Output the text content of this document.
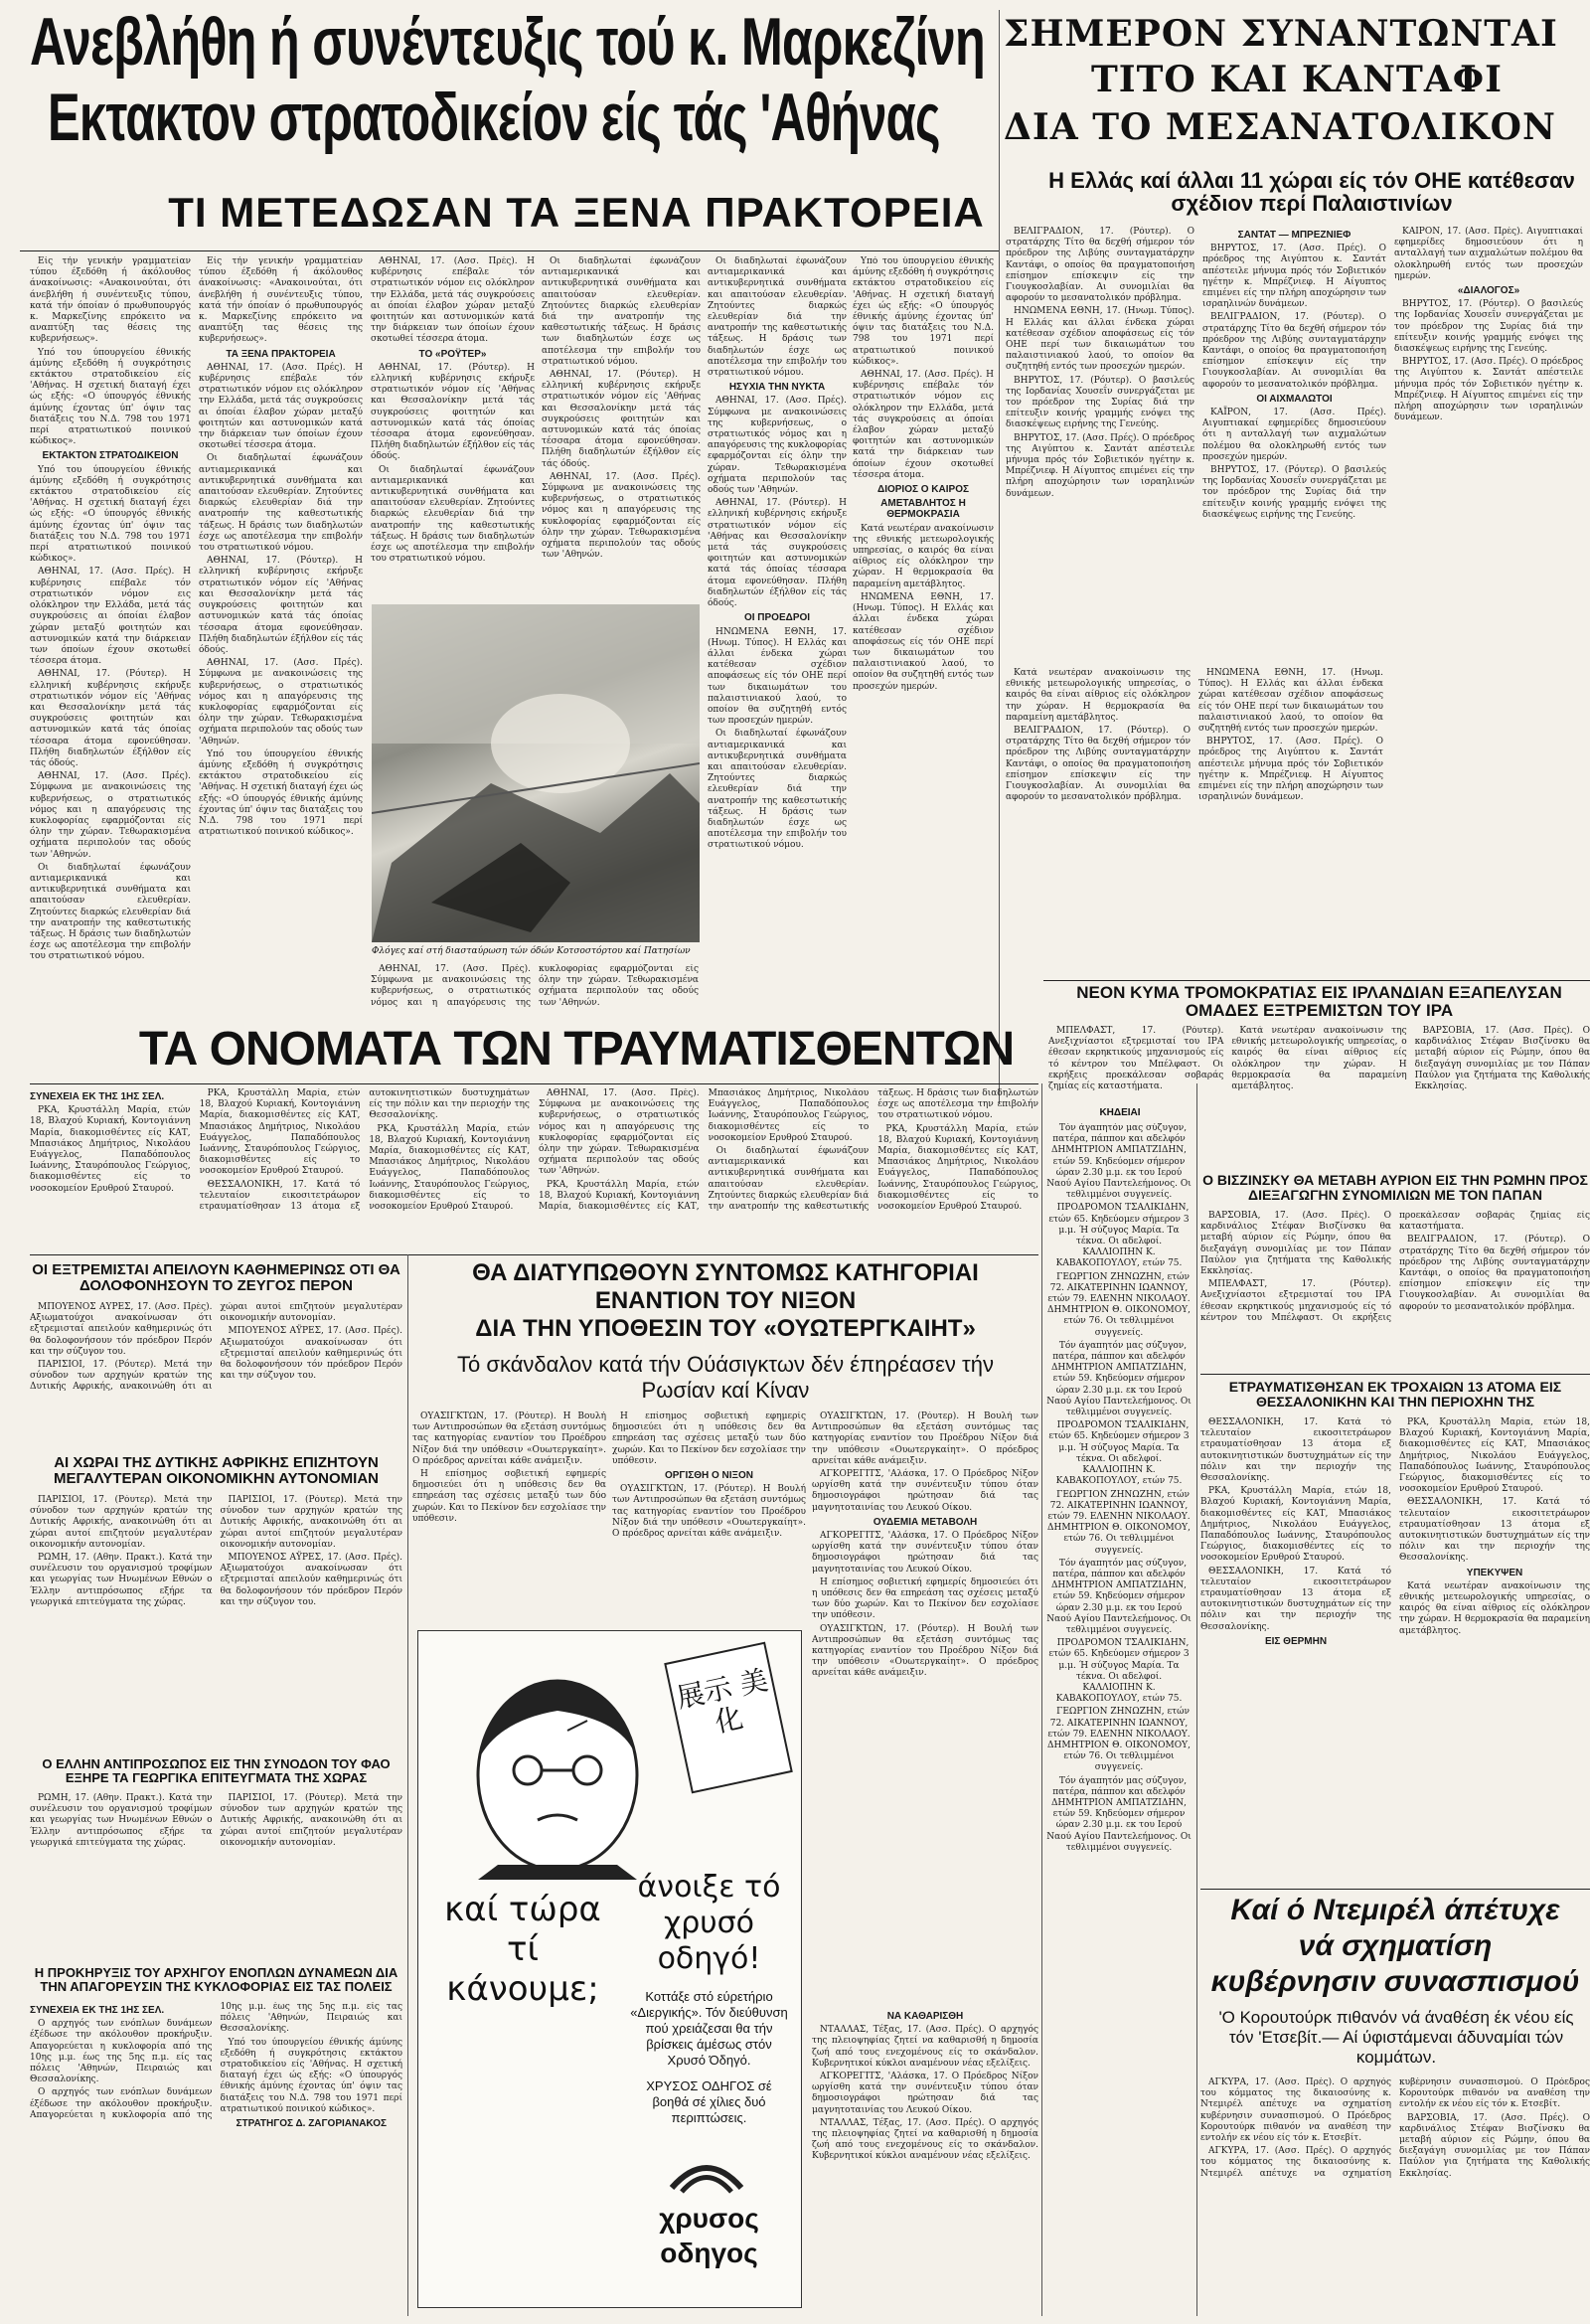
Ανεβλήθη ή συνέντευξις τού κ. Μαρκεζίνη
Εκτακτον στρατοδικείον είς τάς 'Αθήνας
ΤΙ ΜΕΤΕΔΩΣΑΝ ΤΑ ΞΕΝΑ ΠΡΑΚΤΟΡΕΙΑ
ΣΗΜΕΡΟΝ ΣΥΝΑΝΤΩΝΤΑΙ
ΤΙΤΟ ΚΑΙ ΚΑΝΤΑΦΙ
ΔΙΑ ΤΟ ΜΕΣΑΝΑΤΟΛΙΚΟΝ
Η Ελλάς καί άλλαι 11 χώραι είς τόν ΟΗΕ κατέθεσαν σχέδιον περί Παλαιστινίων

Είς τήν γενικήν γραμματείαν τύπου έξεδόθη ή άκόλουθος άνακοίνωσις: «Ανακοινούται, ότι άνεβλήθη ή συνέντευξις τύπου, κατά τήν όποίαν ό πρωθυπουργός κ. Μαρκεζίνης επρόκειτο να αναπτύξη τας θέσεις της κυβερνήσεως».

Υπό του ύπουργείου έθνικής άμύνης εξεδόθη ή συγκρότησις εκτάκτου στρατοδικείου είς 'Αθήνας. Η σχετική διαταγή έχει ώς εξής: «Ο ύπουργός έθνικής άμύνης έχοντας ύπ' όψιν τας διατάξεις του Ν.Δ. 798 του 1971 περί ατρατιωτικού ποινικού κώδικος».

ΕΚΤΑΚΤΟΝ ΣΤΡΑΤΟΔΙΚΕΙΟΝ

Υπό του ύπουργείου έθνικής άμύνης εξεδόθη ή συγκρότησις εκτάκτου στρατοδικείου είς 'Αθήνας. Η σχετική διαταγή έχει ώς εξής: «Ο ύπουργός έθνικής άμύνης έχοντας ύπ' όψιν τας διατάξεις του Ν.Δ. 798 του 1971 περί ατρατιωτικού ποινικού κώδικος».

ΑΘΗΝΑΙ, 17. (Ασσ. Πρές). Η κυβέρνησις επέβαλε τόν στρατιωτικόν νόμον εις ολόκληρον την Ελλάδα, μετά τάς συγκρούσεις αι όποίαι έλαβον χώραν μεταξύ φοιτητών και αστυνομικών κατά την διάρκειαν των όποίων έχουν σκοτωθεί τέσσερα άτομα.

ΑΘΗΝΑΙ, 17. (Ρόυτερ). Η ελληνική κυβέρνησις εκήρυξε στρατιωτικόν νόμον είς 'Αθήνας και Θεσσαλονίκην μετά τάς συγκρούσεις φοιτητών και αστυνομικών κατά τάς όποίας τέσσαρα άτομα εφονεύθησαν. Πλήθη διαδηλωτών έξήλθον είς τάς όδούς.

ΑΘΗΝΑΙ, 17. (Ασσ. Πρές). Σύμφωνα με ανακοινώσεις της κυβερνήσεως, ο στρατιωτικός νόμος και η απαγόρευσις της κυκλοφορίας εφαρμόζονται είς όλην την χώραν. Τεθωρακισμένα οχήματα περιπολούν τας οδούς των 'Αθηνών.

Οι διαδηλωταί έφωνάζουν αντιαμερικανικά και αντικυβερνητικά συνθήματα και απαιτούσαν ελευθερίαν. Ζητούντες διαρκώς ελευθερίαν διά την ανατροπήν της καθεστωτικής τάξεως. Η δράσις των διαδηλωτών έσχε ως αποτέλεσμα την επιβολήν του στρατιωτικού νόμου.

Είς τήν γενικήν γραμματείαν τύπου έξεδόθη ή άκόλουθος άνακοίνωσις: «Ανακοινούται, ότι άνεβλήθη ή συνέντευξις τύπου, κατά τήν όποίαν ό πρωθυπουργός κ. Μαρκεζίνης επρόκειτο να αναπτύξη τας θέσεις της κυβερνήσεως».

ΤΑ ΞΕΝΑ ΠΡΑΚΤΟΡΕΙΑ

ΑΘΗΝΑΙ, 17. (Ασσ. Πρές). Η κυβέρνησις επέβαλε τόν στρατιωτικόν νόμον εις ολόκληρον την Ελλάδα, μετά τάς συγκρούσεις αι όποίαι έλαβον χώραν μεταξύ φοιτητών και αστυνομικών κατά την διάρκειαν των όποίων έχουν σκοτωθεί τέσσερα άτομα.

Οι διαδηλωταί έφωνάζουν αντιαμερικανικά και αντικυβερνητικά συνθήματα και απαιτούσαν ελευθερίαν. Ζητούντες διαρκώς ελευθερίαν διά την ανατροπήν της καθεστωτικής τάξεως. Η δράσις των διαδηλωτών έσχε ως αποτέλεσμα την επιβολήν του στρατιωτικού νόμου.

ΑΘΗΝΑΙ, 17. (Ρόυτερ). Η ελληνική κυβέρνησις εκήρυξε στρατιωτικόν νόμον είς 'Αθήνας και Θεσσαλονίκην μετά τάς συγκρούσεις φοιτητών και αστυνομικών κατά τάς όποίας τέσσαρα άτομα εφονεύθησαν. Πλήθη διαδηλωτών έξήλθον είς τάς όδούς.

ΑΘΗΝΑΙ, 17. (Ασσ. Πρές). Σύμφωνα με ανακοινώσεις της κυβερνήσεως, ο στρατιωτικός νόμος και η απαγόρευσις της κυκλοφορίας εφαρμόζονται είς όλην την χώραν. Τεθωρακισμένα οχήματα περιπολούν τας οδούς των 'Αθηνών.

Υπό του ύπουργείου έθνικής άμύνης εξεδόθη ή συγκρότησις εκτάκτου στρατοδικείου είς 'Αθήνας. Η σχετική διαταγή έχει ώς εξής: «Ο ύπουργός έθνικής άμύνης έχοντας ύπ' όψιν τας διατάξεις του Ν.Δ. 798 του 1971 περί ατρατιωτικού ποινικού κώδικος».

ΑΘΗΝΑΙ, 17. (Ασσ. Πρές). Η κυβέρνησις επέβαλε τόν στρατιωτικόν νόμον εις ολόκληρον την Ελλάδα, μετά τάς συγκρούσεις αι όποίαι έλαβον χώραν μεταξύ φοιτητών και αστυνομικών κατά την διάρκειαν των όποίων έχουν σκοτωθεί τέσσερα άτομα.

ΤΟ «ΡΟΫΤΕΡ»

ΑΘΗΝΑΙ, 17. (Ρόυτερ). Η ελληνική κυβέρνησις εκήρυξε στρατιωτικόν νόμον είς 'Αθήνας και Θεσσαλονίκην μετά τάς συγκρούσεις φοιτητών και αστυνομικών κατά τάς όποίας τέσσαρα άτομα εφονεύθησαν. Πλήθη διαδηλωτών έξήλθον είς τάς όδούς.

Οι διαδηλωταί έφωνάζουν αντιαμερικανικά και αντικυβερνητικά συνθήματα και απαιτούσαν ελευθερίαν. Ζητούντες διαρκώς ελευθερίαν διά την ανατροπήν της καθεστωτικής τάξεως. Η δράσις των διαδηλωτών έσχε ως αποτέλεσμα την επιβολήν του στρατιωτικού νόμου.

Οι διαδηλωταί έφωνάζουν αντιαμερικανικά και αντικυβερνητικά συνθήματα και απαιτούσαν ελευθερίαν. Ζητούντες διαρκώς ελευθερίαν διά την ανατροπήν της καθεστωτικής τάξεως. Η δράσις των διαδηλωτών έσχε ως αποτέλεσμα την επιβολήν του στρατιωτικού νόμου.

ΑΘΗΝΑΙ, 17. (Ρόυτερ). Η ελληνική κυβέρνησις εκήρυξε στρατιωτικόν νόμον είς 'Αθήνας και Θεσσαλονίκην μετά τάς συγκρούσεις φοιτητών και αστυνομικών κατά τάς όποίας τέσσαρα άτομα εφονεύθησαν. Πλήθη διαδηλωτών έξήλθον είς τάς όδούς.

ΑΘΗΝΑΙ, 17. (Ασσ. Πρές). Σύμφωνα με ανακοινώσεις της κυβερνήσεως, ο στρατιωτικός νόμος και η απαγόρευσις της κυκλοφορίας εφαρμόζονται είς όλην την χώραν. Τεθωρακισμένα οχήματα περιπολούν τας οδούς των 'Αθηνών.

Οι διαδηλωταί έφωνάζουν αντιαμερικανικά και αντικυβερνητικά συνθήματα και απαιτούσαν ελευθερίαν. Ζητούντες διαρκώς ελευθερίαν διά την ανατροπήν της καθεστωτικής τάξεως. Η δράσις των διαδηλωτών έσχε ως αποτέλεσμα την επιβολήν του στρατιωτικού νόμου.

ΗΣΥΧΙΑ ΤΗΝ ΝΥΚΤΑ

ΑΘΗΝΑΙ, 17. (Ασσ. Πρές). Σύμφωνα με ανακοινώσεις της κυβερνήσεως, ο στρατιωτικός νόμος και η απαγόρευσις της κυκλοφορίας εφαρμόζονται είς όλην την χώραν. Τεθωρακισμένα οχήματα περιπολούν τας οδούς των 'Αθηνών.

ΑΘΗΝΑΙ, 17. (Ρόυτερ). Η ελληνική κυβέρνησις εκήρυξε στρατιωτικόν νόμον είς 'Αθήνας και Θεσσαλονίκην μετά τάς συγκρούσεις φοιτητών και αστυνομικών κατά τάς όποίας τέσσαρα άτομα εφονεύθησαν. Πλήθη διαδηλωτών έξήλθον είς τάς όδούς.

ΟΙ ΠΡΟΕΔΡΟΙ

ΗΝΩΜΕΝΑ ΕΘΝΗ, 17. (Ηνωμ. Τύπος). Η Ελλάς και άλλαι ένδεκα χώραι κατέθεσαν σχέδιον αποφάσεως είς τόν ΟΗΕ περί των δικαιωμάτων του παλαιστινιακού λαού, το οποίον θα συζητηθή εντός των προσεχών ημερών.

Οι διαδηλωταί έφωνάζουν αντιαμερικανικά και αντικυβερνητικά συνθήματα και απαιτούσαν ελευθερίαν. Ζητούντες διαρκώς ελευθερίαν διά την ανατροπήν της καθεστωτικής τάξεως. Η δράσις των διαδηλωτών έσχε ως αποτέλεσμα την επιβολήν του στρατιωτικού νόμου.

Υπό του ύπουργείου έθνικής άμύνης εξεδόθη ή συγκρότησις εκτάκτου στρατοδικείου είς 'Αθήνας. Η σχετική διαταγή έχει ώς εξής: «Ο ύπουργός έθνικής άμύνης έχοντας ύπ' όψιν τας διατάξεις του Ν.Δ. 798 του 1971 περί ατρατιωτικού ποινικού κώδικος».

ΑΘΗΝΑΙ, 17. (Ασσ. Πρές). Η κυβέρνησις επέβαλε τόν στρατιωτικόν νόμον εις ολόκληρον την Ελλάδα, μετά τάς συγκρούσεις αι όποίαι έλαβον χώραν μεταξύ φοιτητών και αστυνομικών κατά την διάρκειαν των όποίων έχουν σκοτωθεί τέσσερα άτομα.

ΔΙΟΡΙΟΣ Ο ΚΑΙΡΟΣ
ΑΜΕΤΑΒΛΗΤΟΣ Η ΘΕΡΜΟΚΡΑΣΙΑ

Κατά νεωτέραν ανακοίνωσιν της εθνικής μετεωρολογικής υπηρεσίας, ο καιρός θα είναι αίθριος είς ολόκληρον την χώραν. Η θερμοκρασία θα παραμείνη αμετάβλητος.

ΗΝΩΜΕΝΑ ΕΘΝΗ, 17. (Ηνωμ. Τύπος). Η Ελλάς και άλλαι ένδεκα χώραι κατέθεσαν σχέδιον αποφάσεως είς τόν ΟΗΕ περί των δικαιωμάτων του παλαιστινιακού λαού, το οποίον θα συζητηθή εντός των προσεχών ημερών.

Φλόγες καί στή διασταύρωση τών όδών Κοτσοστόρτου καί Πατησίων

ΑΘΗΝΑΙ, 17. (Ασσ. Πρές). Σύμφωνα με ανακοινώσεις της κυβερνήσεως, ο στρατιωτικός νόμος και η απαγόρευσις της κυκλοφορίας εφαρμόζονται είς όλην την χώραν. Τεθωρακισμένα οχήματα περιπολούν τας οδούς των 'Αθηνών.

ΒΕΛΙΓΡΑΔΙΟΝ, 17. (Ρόυτερ). Ο στρατάρχης Τίτο θα δεχθή σήμερον τόν πρόεδρον της Λιβύης συνταγματάρχην Καντάφι, ο οποίος θα πραγματοποιήση επίσημον επίσκεψιν είς την Γιουγκοσλαβίαν. Αι συνομιλίαι θα αφορούν το μεσανατολικόν πρόβλημα.

ΗΝΩΜΕΝΑ ΕΘΝΗ, 17. (Ηνωμ. Τύπος). Η Ελλάς και άλλαι ένδεκα χώραι κατέθεσαν σχέδιον αποφάσεως είς τόν ΟΗΕ περί των δικαιωμάτων του παλαιστινιακού λαού, το οποίον θα συζητηθή εντός των προσεχών ημερών.

ΒΗΡΥΤΟΣ, 17. (Ρόυτερ). Ο βασιλεύς της Ιορδανίας Χουσεΐν συνεργάζεται με τον πρόεδρον της Συρίας διά την επίτευξιν κοινής γραμμής ενόψει της διασκέψεως ειρήνης της Γενεύης.

ΒΗΡΥΤΟΣ, 17. (Ασσ. Πρές). Ο πρόεδρος της Αιγύπτου κ. Σαντάτ απέστειλε μήνυμα πρός τόν Σοβιετικόν ηγέτην κ. Μπρέζνιεφ. Η Αίγυπτος επιμένει είς την πλήρη αποχώρησιν των ισραηλινών δυνάμεων.

ΣΑΝΤΑΤ — ΜΠΡΕΖΝΙΕΦ

ΒΗΡΥΤΟΣ, 17. (Ασσ. Πρές). Ο πρόεδρος της Αιγύπτου κ. Σαντάτ απέστειλε μήνυμα πρός τόν Σοβιετικόν ηγέτην κ. Μπρέζνιεφ. Η Αίγυπτος επιμένει είς την πλήρη αποχώρησιν των ισραηλινών δυνάμεων.

ΒΕΛΙΓΡΑΔΙΟΝ, 17. (Ρόυτερ). Ο στρατάρχης Τίτο θα δεχθή σήμερον τόν πρόεδρον της Λιβύης συνταγματάρχην Καντάφι, ο οποίος θα πραγματοποιήση επίσημον επίσκεψιν είς την Γιουγκοσλαβίαν. Αι συνομιλίαι θα αφορούν το μεσανατολικόν πρόβλημα.

ΟΙ ΑΙΧΜΑΛΩΤΟΙ

ΚΑΪΡΟΝ, 17. (Ασσ. Πρές). Αιγυπτιακαί εφημερίδες δημοσιεύουν ότι η ανταλλαγή των αιχμαλώτων πολέμου θα ολοκληρωθή εντός των προσεχών ημερών.

ΒΗΡΥΤΟΣ, 17. (Ρόυτερ). Ο βασιλεύς της Ιορδανίας Χουσεΐν συνεργάζεται με τον πρόεδρον της Συρίας διά την επίτευξιν κοινής γραμμής ενόψει της διασκέψεως ειρήνης της Γενεύης.

ΚΑΪΡΟΝ, 17. (Ασσ. Πρές). Αιγυπτιακαί εφημερίδες δημοσιεύουν ότι η ανταλλαγή των αιχμαλώτων πολέμου θα ολοκληρωθή εντός των προσεχών ημερών.

«ΔΙΑΛΟΓΟΣ»

ΒΗΡΥΤΟΣ, 17. (Ρόυτερ). Ο βασιλεύς της Ιορδανίας Χουσεΐν συνεργάζεται με τον πρόεδρον της Συρίας διά την επίτευξιν κοινής γραμμής ενόψει της διασκέψεως ειρήνης της Γενεύης.

ΒΗΡΥΤΟΣ, 17. (Ασσ. Πρές). Ο πρόεδρος της Αιγύπτου κ. Σαντάτ απέστειλε μήνυμα πρός τόν Σοβιετικόν ηγέτην κ. Μπρέζνιεφ. Η Αίγυπτος επιμένει είς την πλήρη αποχώρησιν των ισραηλινών δυνάμεων.

Κατά νεωτέραν ανακοίνωσιν της εθνικής μετεωρολογικής υπηρεσίας, ο καιρός θα είναι αίθριος είς ολόκληρον την χώραν. Η θερμοκρασία θα παραμείνη αμετάβλητος.

ΒΕΛΙΓΡΑΔΙΟΝ, 17. (Ρόυτερ). Ο στρατάρχης Τίτο θα δεχθή σήμερον τόν πρόεδρον της Λιβύης συνταγματάρχην Καντάφι, ο οποίος θα πραγματοποιήση επίσημον επίσκεψιν είς την Γιουγκοσλαβίαν. Αι συνομιλίαι θα αφορούν το μεσανατολικόν πρόβλημα.

ΗΝΩΜΕΝΑ ΕΘΝΗ, 17. (Ηνωμ. Τύπος). Η Ελλάς και άλλαι ένδεκα χώραι κατέθεσαν σχέδιον αποφάσεως είς τόν ΟΗΕ περί των δικαιωμάτων του παλαιστινιακού λαού, το οποίον θα συζητηθή εντός των προσεχών ημερών.

ΒΗΡΥΤΟΣ, 17. (Ασσ. Πρές). Ο πρόεδρος της Αιγύπτου κ. Σαντάτ απέστειλε μήνυμα πρός τόν Σοβιετικόν ηγέτην κ. Μπρέζνιεφ. Η Αίγυπτος επιμένει είς την πλήρη αποχώρησιν των ισραηλινών δυνάμεων.

ΝΕΟΝ ΚΥΜΑ ΤΡΟΜΟΚΡΑΤΙΑΣ ΕΙΣ ΙΡΛΑΝΔΙΑΝ ΕΞΑΠΕΛΥΣΑΝ ΟΜΑΔΕΣ ΕΞΤΡΕΜΙΣΤΩΝ ΤΟΥ ΙΡΑ

ΜΠΕΛΦΑΣΤ, 17. (Ρόυτερ). Ανεξιχνίαστοι εξτρεμισταί του ΙΡΑ έθεσαν εκρηκτικούς μηχανισμούς είς τό κέντρον του Μπέλφαστ. Οι εκρήξεις προεκάλεσαν σοβαράς ζημίας είς καταστήματα.

Κατά νεωτέραν ανακοίνωσιν της εθνικής μετεωρολογικής υπηρεσίας, ο καιρός θα είναι αίθριος είς ολόκληρον την χώραν. Η θερμοκρασία θα παραμείνη αμετάβλητος.

ΒΑΡΣΟΒΙΑ, 17. (Ασσ. Πρές). Ο καρδινάλιος Στέφαν Βισζίνσκυ θα μεταβή αύριον είς Ρώμην, όπου θα διεξαγάγη συνομιλίας με τον Πάπαν Παύλον για ζητήματα της Καθολικής Εκκλησίας.

ΤΑ ΟΝΟΜΑΤΑ ΤΩΝ ΤΡΑΥΜΑΤΙΣΘΕΝΤΩΝ
ΣΥΝΕΧΕΙΑ ΕΚ ΤΗΣ 1ΗΣ ΣΕΛ.

ΡΚΑ, Κρυστάλλη Μαρία, ετών 18, Βλαχού Κυριακή, Κοντογιάννη Μαρία, διακομισθέντες είς ΚΑΤ, Μπασιάκος Δημήτριος, Νικολάου Ευάγγελος, Παπαδόπουλος Ιωάννης, Σταυρόπουλος Γεώργιος, διακομισθέντες είς το νοσοκομείον Ερυθρού Σταυρού.

ΡΚΑ, Κρυστάλλη Μαρία, ετών 18, Βλαχού Κυριακή, Κοντογιάννη Μαρία, διακομισθέντες είς ΚΑΤ, Μπασιάκος Δημήτριος, Νικολάου Ευάγγελος, Παπαδόπουλος Ιωάννης, Σταυρόπουλος Γεώργιος, διακομισθέντες είς το νοσοκομείον Ερυθρού Σταυρού.

ΘΕΣΣΑΛΟΝΙΚΗ, 17. Κατά τό τελευταίον εικοσιτετράωρον ετραυματίσθησαν 13 άτομα εξ αυτοκινητιστικών δυστυχημάτων είς την πόλιν και την περιοχήν της Θεσσαλονίκης.

ΡΚΑ, Κρυστάλλη Μαρία, ετών 18, Βλαχού Κυριακή, Κοντογιάννη Μαρία, διακομισθέντες είς ΚΑΤ, Μπασιάκος Δημήτριος, Νικολάου Ευάγγελος, Παπαδόπουλος Ιωάννης, Σταυρόπουλος Γεώργιος, διακομισθέντες είς το νοσοκομείον Ερυθρού Σταυρού.

ΑΘΗΝΑΙ, 17. (Ασσ. Πρές). Σύμφωνα με ανακοινώσεις της κυβερνήσεως, ο στρατιωτικός νόμος και η απαγόρευσις της κυκλοφορίας εφαρμόζονται είς όλην την χώραν. Τεθωρακισμένα οχήματα περιπολούν τας οδούς των 'Αθηνών.

ΡΚΑ, Κρυστάλλη Μαρία, ετών 18, Βλαχού Κυριακή, Κοντογιάννη Μαρία, διακομισθέντες είς ΚΑΤ, Μπασιάκος Δημήτριος, Νικολάου Ευάγγελος, Παπαδόπουλος Ιωάννης, Σταυρόπουλος Γεώργιος, διακομισθέντες είς το νοσοκομείον Ερυθρού Σταυρού.

Οι διαδηλωταί έφωνάζουν αντιαμερικανικά και αντικυβερνητικά συνθήματα και απαιτούσαν ελευθερίαν. Ζητούντες διαρκώς ελευθερίαν διά την ανατροπήν της καθεστωτικής τάξεως. Η δράσις των διαδηλωτών έσχε ως αποτέλεσμα την επιβολήν του στρατιωτικού νόμου.

ΡΚΑ, Κρυστάλλη Μαρία, ετών 18, Βλαχού Κυριακή, Κοντογιάννη Μαρία, διακομισθέντες είς ΚΑΤ, Μπασιάκος Δημήτριος, Νικολάου Ευάγγελος, Παπαδόπουλος Ιωάννης, Σταυρόπουλος Γεώργιος, διακομισθέντες είς το νοσοκομείον Ερυθρού Σταυρού.

ΚΗΔΕΙΑΙ

Τόν άγαπητόν μας σύζυγον, πατέρα, πάππον και αδελφόν ΔΗΜΗΤΡΙΟΝ ΑΜΠΑΤΖΙΔΗΝ, ετών 59. Κηδεύομεν σήμερον ώραν 2.30 μ.μ. εκ του Ιερού Ναού Αγίου Παντελεήμονος. Οι τεθλιμμένοι συγγενείς.

ΠΡΟΔΡΟΜΟΝ ΤΣΑΛΙΚΙΔΗΝ, ετών 65. Κηδεύομεν σήμερον 3 μ.μ. Ή σύζυγος Μαρία. Τα τέκνα. Οι αδελφοί. ΚΑΛΛΙΟΠΗΝ Κ. ΚΑΒΑΚΟΠΟΥΛΟΥ, ετών 75.

ΓΕΩΡΓΙΟΝ ΖΗΝΩΖΗΝ, ετών 72. ΑΙΚΑΤΕΡΙΝΗΝ ΙΩΑΝΝΟΥ, ετών 79. ΕΛΕΝΗΝ ΝΙΚΟΛΑΟΥ. ΔΗΜΗΤΡΙΟΝ Θ. ΟΙΚΟΝΟΜΟΥ, ετών 76. Οι τεθλιμμένοι συγγενείς.

Τόν άγαπητόν μας σύζυγον, πατέρα, πάππον και αδελφόν ΔΗΜΗΤΡΙΟΝ ΑΜΠΑΤΖΙΔΗΝ, ετών 59. Κηδεύομεν σήμερον ώραν 2.30 μ.μ. εκ του Ιερού Ναού Αγίου Παντελεήμονος. Οι τεθλιμμένοι συγγενείς.

ΠΡΟΔΡΟΜΟΝ ΤΣΑΛΙΚΙΔΗΝ, ετών 65. Κηδεύομεν σήμερον 3 μ.μ. Ή σύζυγος Μαρία. Τα τέκνα. Οι αδελφοί. ΚΑΛΛΙΟΠΗΝ Κ. ΚΑΒΑΚΟΠΟΥΛΟΥ, ετών 75.

ΓΕΩΡΓΙΟΝ ΖΗΝΩΖΗΝ, ετών 72. ΑΙΚΑΤΕΡΙΝΗΝ ΙΩΑΝΝΟΥ, ετών 79. ΕΛΕΝΗΝ ΝΙΚΟΛΑΟΥ. ΔΗΜΗΤΡΙΟΝ Θ. ΟΙΚΟΝΟΜΟΥ, ετών 76. Οι τεθλιμμένοι συγγενείς.

Τόν άγαπητόν μας σύζυγον, πατέρα, πάππον και αδελφόν ΔΗΜΗΤΡΙΟΝ ΑΜΠΑΤΖΙΔΗΝ, ετών 59. Κηδεύομεν σήμερον ώραν 2.30 μ.μ. εκ του Ιερού Ναού Αγίου Παντελεήμονος. Οι τεθλιμμένοι συγγενείς.

ΠΡΟΔΡΟΜΟΝ ΤΣΑΛΙΚΙΔΗΝ, ετών 65. Κηδεύομεν σήμερον 3 μ.μ. Ή σύζυγος Μαρία. Τα τέκνα. Οι αδελφοί. ΚΑΛΛΙΟΠΗΝ Κ. ΚΑΒΑΚΟΠΟΥΛΟΥ, ετών 75.

ΓΕΩΡΓΙΟΝ ΖΗΝΩΖΗΝ, ετών 72. ΑΙΚΑΤΕΡΙΝΗΝ ΙΩΑΝΝΟΥ, ετών 79. ΕΛΕΝΗΝ ΝΙΚΟΛΑΟΥ. ΔΗΜΗΤΡΙΟΝ Θ. ΟΙΚΟΝΟΜΟΥ, ετών 76. Οι τεθλιμμένοι συγγενείς.

Τόν άγαπητόν μας σύζυγον, πατέρα, πάππον και αδελφόν ΔΗΜΗΤΡΙΟΝ ΑΜΠΑΤΖΙΔΗΝ, ετών 59. Κηδεύομεν σήμερον ώραν 2.30 μ.μ. εκ του Ιερού Ναού Αγίου Παντελεήμονος. Οι τεθλιμμένοι συγγενείς.

Ο ΒΙΣΖΙΝΣΚΥ ΘΑ ΜΕΤΑΒΗ ΑΥΡΙΟΝ ΕΙΣ ΤΗΝ ΡΩΜΗΝ ΠΡΟΣ ΔΙΕΞΑΓΩΓΗΝ ΣΥΝΟΜΙΛΙΩΝ ΜΕ ΤΟΝ ΠΑΠΑΝ

ΒΑΡΣΟΒΙΑ, 17. (Ασσ. Πρές). Ο καρδινάλιος Στέφαν Βισζίνσκυ θα μεταβή αύριον είς Ρώμην, όπου θα διεξαγάγη συνομιλίας με τον Πάπαν Παύλον για ζητήματα της Καθολικής Εκκλησίας.

ΜΠΕΛΦΑΣΤ, 17. (Ρόυτερ). Ανεξιχνίαστοι εξτρεμισταί του ΙΡΑ έθεσαν εκρηκτικούς μηχανισμούς είς τό κέντρον του Μπέλφαστ. Οι εκρήξεις προεκάλεσαν σοβαράς ζημίας είς καταστήματα.

ΒΕΛΙΓΡΑΔΙΟΝ, 17. (Ρόυτερ). Ο στρατάρχης Τίτο θα δεχθή σήμερον τόν πρόεδρον της Λιβύης συνταγματάρχην Καντάφι, ο οποίος θα πραγματοποιήση επίσημον επίσκεψιν είς την Γιουγκοσλαβίαν. Αι συνομιλίαι θα αφορούν το μεσανατολικόν πρόβλημα.

ΕΤΡΑΥΜΑΤΙΣΘΗΣΑΝ ΕΚ ΤΡΟΧΑΙΩΝ 13 ΑΤΟΜΑ ΕΙΣ ΘΕΣΣΑΛΟΝΙΚΗΝ ΚΑΙ ΤΗΝ ΠΕΡΙΟΧΗΝ ΤΗΣ

ΘΕΣΣΑΛΟΝΙΚΗ, 17. Κατά τό τελευταίον εικοσιτετράωρον ετραυματίσθησαν 13 άτομα εξ αυτοκινητιστικών δυστυχημάτων είς την πόλιν και την περιοχήν της Θεσσαλονίκης.

ΡΚΑ, Κρυστάλλη Μαρία, ετών 18, Βλαχού Κυριακή, Κοντογιάννη Μαρία, διακομισθέντες είς ΚΑΤ, Μπασιάκος Δημήτριος, Νικολάου Ευάγγελος, Παπαδόπουλος Ιωάννης, Σταυρόπουλος Γεώργιος, διακομισθέντες είς το νοσοκομείον Ερυθρού Σταυρού.

ΘΕΣΣΑΛΟΝΙΚΗ, 17. Κατά τό τελευταίον εικοσιτετράωρον ετραυματίσθησαν 13 άτομα εξ αυτοκινητιστικών δυστυχημάτων είς την πόλιν και την περιοχήν της Θεσσαλονίκης.

ΕΙΣ ΘΕΡΜΗΝ

ΡΚΑ, Κρυστάλλη Μαρία, ετών 18, Βλαχού Κυριακή, Κοντογιάννη Μαρία, διακομισθέντες είς ΚΑΤ, Μπασιάκος Δημήτριος, Νικολάου Ευάγγελος, Παπαδόπουλος Ιωάννης, Σταυρόπουλος Γεώργιος, διακομισθέντες είς το νοσοκομείον Ερυθρού Σταυρού.

ΘΕΣΣΑΛΟΝΙΚΗ, 17. Κατά τό τελευταίον εικοσιτετράωρον ετραυματίσθησαν 13 άτομα εξ αυτοκινητιστικών δυστυχημάτων είς την πόλιν και την περιοχήν της Θεσσαλονίκης.

ΥΠΕΚΥΨΕΝ

Κατά νεωτέραν ανακοίνωσιν της εθνικής μετεωρολογικής υπηρεσίας, ο καιρός θα είναι αίθριος είς ολόκληρον την χώραν. Η θερμοκρασία θα παραμείνη αμετάβλητος.

Καί ό Ντεμιρέλ άπέτυχε
νά σχηματίση
κυβέρνησιν συνασπισμού
'Ο Κορουτούρκ πιθανόν νά άναθέση έκ νέου είς τόν 'Ετσεβίτ.— Αί ύφιστάμεναι άδυναμίαι τών κομμάτων.

ΑΓΚΥΡΑ, 17. (Ασσ. Πρές). Ο αρχηγός του κόμματος της δικαιοσύνης κ. Ντεμιρέλ απέτυχε να σχηματίση κυβέρνησιν συνασπισμού. Ο Πρόεδρος Κορουτούρκ πιθανόν να αναθέση την εντολήν εκ νέου είς τόν κ. Ετσεβίτ.

ΑΓΚΥΡΑ, 17. (Ασσ. Πρές). Ο αρχηγός του κόμματος της δικαιοσύνης κ. Ντεμιρέλ απέτυχε να σχηματίση κυβέρνησιν συνασπισμού. Ο Πρόεδρος Κορουτούρκ πιθανόν να αναθέση την εντολήν εκ νέου είς τόν κ. Ετσεβίτ.

ΒΑΡΣΟΒΙΑ, 17. (Ασσ. Πρές). Ο καρδινάλιος Στέφαν Βισζίνσκυ θα μεταβή αύριον είς Ρώμην, όπου θα διεξαγάγη συνομιλίας με τον Πάπαν Παύλον για ζητήματα της Καθολικής Εκκλησίας.

ΟΙ ΕΞΤΡΕΜΙΣΤΑΙ ΑΠΕΙΛΟΥΝ ΚΑΘΗΜΕΡΙΝΩΣ ΟΤΙ ΘΑ ΔΟΛΟΦΟΝΗΣΟΥΝ ΤΟ ΖΕΥΓΟΣ ΠΕΡΟΝ

ΜΠΟΥΕΝΟΣ ΑΫΡΕΣ, 17. (Ασσ. Πρές). Αξιωματούχοι ανακοίνωσαν ότι εξτρεμισταί απειλούν καθημερινώς ότι θα δολοφονήσουν τόν πρόεδρον Περόν και την σύζυγον του.

ΠΑΡΙΣΙΟΙ, 17. (Ρόυτερ). Μετά την σύνοδον των αρχηγών κρατών της Δυτικής Αφρικής, ανακοινώθη ότι αι χώραι αυτοί επιζητούν μεγαλυτέραν οικονομικήν αυτονομίαν.

ΜΠΟΥΕΝΟΣ ΑΫΡΕΣ, 17. (Ασσ. Πρές). Αξιωματούχοι ανακοίνωσαν ότι εξτρεμισταί απειλούν καθημερινώς ότι θα δολοφονήσουν τόν πρόεδρον Περόν και την σύζυγον του.

ΑΙ ΧΩΡΑΙ ΤΗΣ ΔΥΤΙΚΗΣ ΑΦΡΙΚΗΣ ΕΠΙΖΗΤΟΥΝ ΜΕΓΑΛΥΤΕΡΑΝ ΟΙΚΟΝΟΜΙΚΗΝ ΑΥΤΟΝΟΜΙΑΝ

ΠΑΡΙΣΙΟΙ, 17. (Ρόυτερ). Μετά την σύνοδον των αρχηγών κρατών της Δυτικής Αφρικής, ανακοινώθη ότι αι χώραι αυτοί επιζητούν μεγαλυτέραν οικονομικήν αυτονομίαν.

ΡΩΜΗ, 17. (Αθην. Πρακτ.). Κατά την συνέλευσιν του οργανισμού τροφίμων και γεωργίας των Ηνωμένων Εθνών ο Έλλην αντιπρόσωπος εξήρε τα γεωργικά επιτεύγματα της χώρας.

ΠΑΡΙΣΙΟΙ, 17. (Ρόυτερ). Μετά την σύνοδον των αρχηγών κρατών της Δυτικής Αφρικής, ανακοινώθη ότι αι χώραι αυτοί επιζητούν μεγαλυτέραν οικονομικήν αυτονομίαν.

ΜΠΟΥΕΝΟΣ ΑΫΡΕΣ, 17. (Ασσ. Πρές). Αξιωματούχοι ανακοίνωσαν ότι εξτρεμισταί απειλούν καθημερινώς ότι θα δολοφονήσουν τόν πρόεδρον Περόν και την σύζυγον του.

Ο ΕΛΛΗΝ ΑΝΤΙΠΡΟΣΩΠΟΣ ΕΙΣ ΤΗΝ ΣΥΝΟΔΟΝ ΤΟΥ ΦΑΟ ΕΞΗΡΕ ΤΑ ΓΕΩΡΓΙΚΑ ΕΠΙΤΕΥΓΜΑΤΑ ΤΗΣ ΧΩΡΑΣ

ΡΩΜΗ, 17. (Αθην. Πρακτ.). Κατά την συνέλευσιν του οργανισμού τροφίμων και γεωργίας των Ηνωμένων Εθνών ο Έλλην αντιπρόσωπος εξήρε τα γεωργικά επιτεύγματα της χώρας.

ΠΑΡΙΣΙΟΙ, 17. (Ρόυτερ). Μετά την σύνοδον των αρχηγών κρατών της Δυτικής Αφρικής, ανακοινώθη ότι αι χώραι αυτοί επιζητούν μεγαλυτέραν οικονομικήν αυτονομίαν.

Η ΠΡΟΚΗΡΥΞΙΣ ΤΟΥ ΑΡΧΗΓΟΥ ΕΝΟΠΛΩΝ ΔΥΝΑΜΕΩΝ ΔΙΑ ΤΗΝ ΑΠΑΓΟΡΕΥΣΙΝ ΤΗΣ ΚΥΚΛΟΦΟΡΙΑΣ ΕΙΣ ΤΑΣ ΠΟΛΕΙΣ
ΣΥΝΕΧΕΙΑ ΕΚ ΤΗΣ 1ΗΣ ΣΕΛ.

Ο αρχηγός των ενόπλων δυνάμεων έξέδωσε την ακόλουθον προκήρυξιν. Απαγορεύεται η κυκλοφορία από της 10ης μ.μ. έως της 5ης π.μ. είς τας πόλεις 'Αθηνών, Πειραιώς και Θεσσαλονίκης.

Ο αρχηγός των ενόπλων δυνάμεων έξέδωσε την ακόλουθον προκήρυξιν. Απαγορεύεται η κυκλοφορία από της 10ης μ.μ. έως της 5ης π.μ. είς τας πόλεις 'Αθηνών, Πειραιώς και Θεσσαλονίκης.

Υπό του ύπουργείου έθνικής άμύνης εξεδόθη ή συγκρότησις εκτάκτου στρατοδικείου είς 'Αθήνας. Η σχετική διαταγή έχει ώς εξής: «Ο ύπουργός έθνικής άμύνης έχοντας ύπ' όψιν τας διατάξεις του Ν.Δ. 798 του 1971 περί ατρατιωτικού ποινικού κώδικος».

ΣΤΡΑΤΗΓΟΣ Δ. ΖΑΓΟΡΙΑΝΑΚΟΣ
ΘΑ ΔΙΑΤΥΠΩΘΟΥΝ ΣΥΝΤΟΜΩΣ ΚΑΤΗΓΟΡΙΑΙ
ΕΝΑΝΤΙΟΝ ΤΟΥ ΝΙΞΟΝ
ΔΙΑ ΤΗΝ ΥΠΟΘΕΣΙΝ ΤΟΥ «ΟΥΩΤΕΡΓΚΑΙΗΤ»
Τό σκάνδαλον κατά τήν Ούάσιγκτων δέν έπηρέασεν τήν Ρωσίαν καί Κίναν

ΟΥΑΣΙΓΚΤΩΝ, 17. (Ρόυτερ). Η Βουλή των Αντιπροσώπων θα εξετάση συντόμως τας κατηγορίας εναντίον του Προέδρου Νίξον διά την υπόθεσιν «Ουωτεργκαίητ». Ο πρόεδρος αρνείται κάθε ανάμειξιν.

Η επίσημος σοβιετική εφημερίς δημοσιεύει ότι η υπόθεσις δεν θα επηρεάση τας σχέσεις μεταξύ των δύο χωρών. Και το Πεκίνον δεν εσχολίασε την υπόθεσιν.

Η επίσημος σοβιετική εφημερίς δημοσιεύει ότι η υπόθεσις δεν θα επηρεάση τας σχέσεις μεταξύ των δύο χωρών. Και το Πεκίνον δεν εσχολίασε την υπόθεσιν.

ΟΡΓΙΣΘΗ Ο ΝΙΞΟΝ

ΟΥΑΣΙΓΚΤΩΝ, 17. (Ρόυτερ). Η Βουλή των Αντιπροσώπων θα εξετάση συντόμως τας κατηγορίας εναντίον του Προέδρου Νίξον διά την υπόθεσιν «Ουωτεργκαίητ». Ο πρόεδρος αρνείται κάθε ανάμειξιν.

ΟΥΑΣΙΓΚΤΩΝ, 17. (Ρόυτερ). Η Βουλή των Αντιπροσώπων θα εξετάση συντόμως τας κατηγορίας εναντίον του Προέδρου Νίξον διά την υπόθεσιν «Ουωτεργκαίητ». Ο πρόεδρος αρνείται κάθε ανάμειξιν.

ΑΓΚΟΡΕΓΙΤΣ, 'Αλάσκα, 17. Ο Πρόεδρος Νίξον ωργίσθη κατά την συνέντευξιν τύπου όταν δημοσιογράφοι ηρώτησαν διά τας μαγνητοταινίας του Λευκού Οίκου.

ΟΥΔΕΜΙΑ ΜΕΤΑΒΟΛΗ

ΑΓΚΟΡΕΓΙΤΣ, 'Αλάσκα, 17. Ο Πρόεδρος Νίξον ωργίσθη κατά την συνέντευξιν τύπου όταν δημοσιογράφοι ηρώτησαν διά τας μαγνητοταινίας του Λευκού Οίκου.

Η επίσημος σοβιετική εφημερίς δημοσιεύει ότι η υπόθεσις δεν θα επηρεάση τας σχέσεις μεταξύ των δύο χωρών. Και το Πεκίνον δεν εσχολίασε την υπόθεσιν.

ΟΥΑΣΙΓΚΤΩΝ, 17. (Ρόυτερ). Η Βουλή των Αντιπροσώπων θα εξετάση συντόμως τας κατηγορίας εναντίον του Προέδρου Νίξον διά την υπόθεσιν «Ουωτεργκαίητ». Ο πρόεδρος αρνείται κάθε ανάμειξιν.

ΝΑ ΚΑΘΑΡΙΣΘΗ

ΝΤΑΛΛΑΣ, Τέξας, 17. (Ασσ. Πρές). Ο αρχηγός της πλειοψηφίας ζητεί να καθαρισθή η δημοσία ζωή από τους ενεχομένους είς το σκάνδαλον. Κυβερνητικοί κύκλοι αναμένουν νέας εξελίξεις.

ΑΓΚΟΡΕΓΙΤΣ, 'Αλάσκα, 17. Ο Πρόεδρος Νίξον ωργίσθη κατά την συνέντευξιν τύπου όταν δημοσιογράφοι ηρώτησαν διά τας μαγνητοταινίας του Λευκού Οίκου.

ΝΤΑΛΛΑΣ, Τέξας, 17. (Ασσ. Πρές). Ο αρχηγός της πλειοψηφίας ζητεί να καθαρισθή η δημοσία ζωή από τους ενεχομένους είς το σκάνδαλον. Κυβερνητικοί κύκλοι αναμένουν νέας εξελίξεις.

展示 美化
καί τώρα
τί κάνουμε;
άνοιξε τό
χρυσό
οδηγό!
Κοττάξε στό εύρετήριο «Διεργικής». Τόν διεύθυνση πού χρειάζεσαι θα τήν βρίσκεις άμέσως στόν Χρυσό Όδηγό.
ΧΡΥΣΟΣ ΟΔΗΓΟΣ σέ βοηθά σέ χίλιες δυό περιπτώσεις.
χρυσος
οδηγος
